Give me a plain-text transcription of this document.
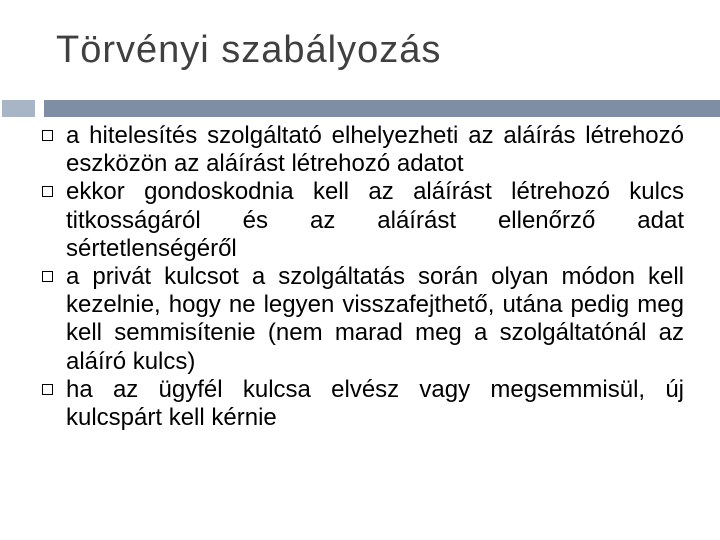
Törvényi szabályozás
a hitelesítés szolgáltató elhelyezheti az aláírás létrehozó eszközön az aláírást létrehozó adatot
ekkor gondoskodnia kell az aláírást létrehozó kulcs titkosságáról és az aláírást ellenőrző adat sértetlenségéről
a privát kulcsot a szolgáltatás során olyan módon kell kezelnie, hogy ne legyen visszafejthető, utána pedig meg kell semmisítenie (nem marad meg a szolgáltatónál az aláíró kulcs)
ha az ügyfél kulcsa elvész vagy megsemmisül, új kulcspárt kell kérnie
